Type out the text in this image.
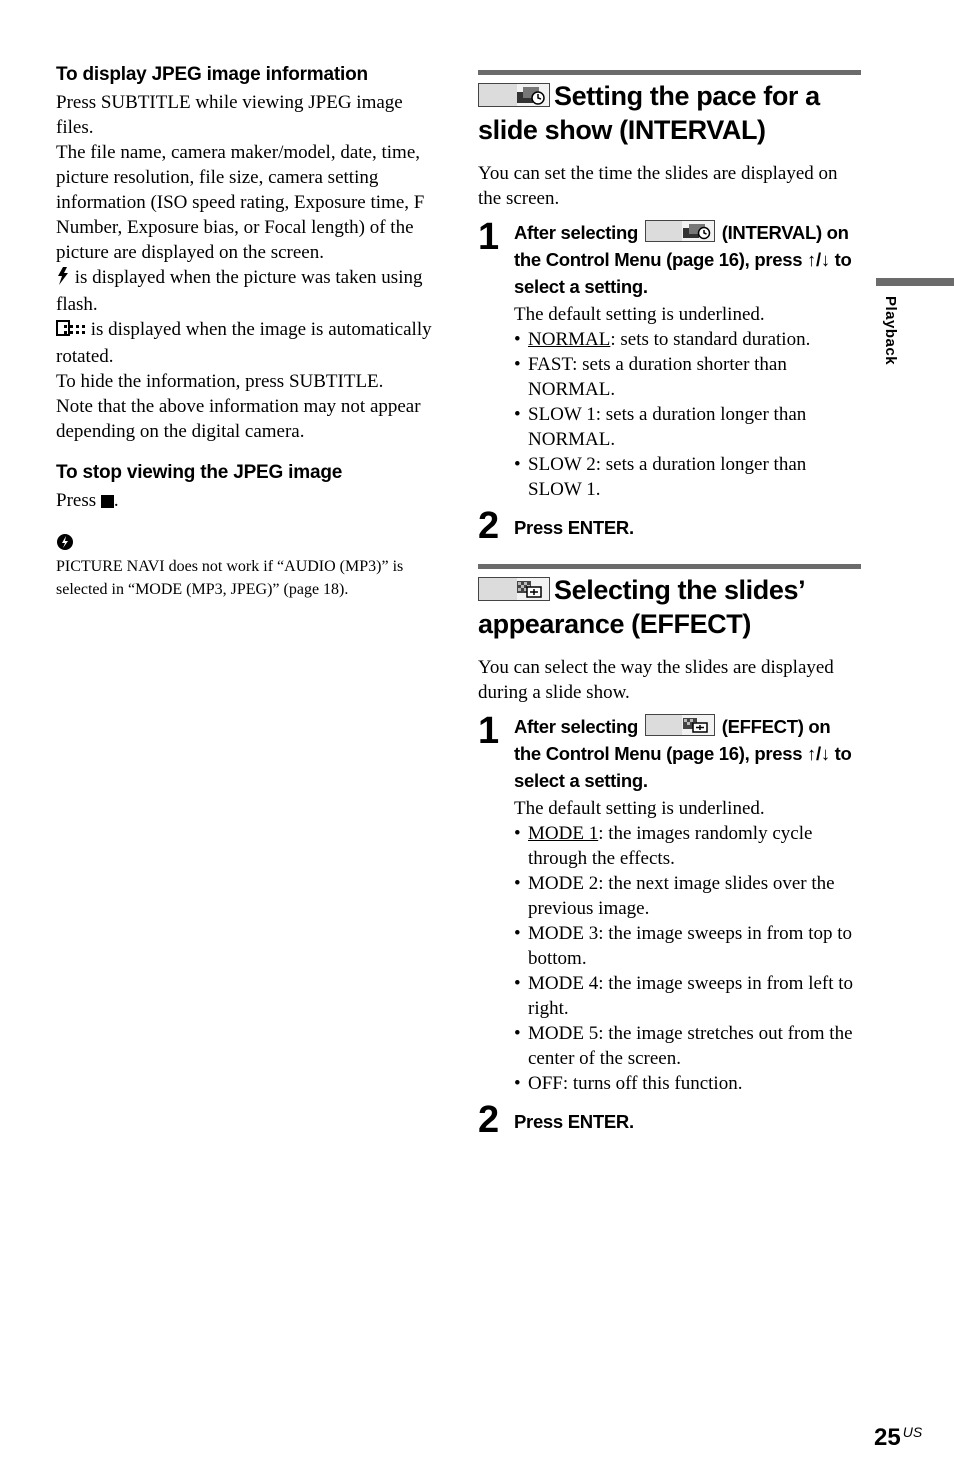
To display JPEG image information

Press SUBTITLE while viewing JPEG image files.

The file name, camera maker/model, date, time, picture resolution, file size, camera setting information (ISO speed rating, Exposure time, F Number, Exposure bias, or Focal length) of the picture are displayed on the screen.

is displayed when the picture was taken using flash.

is displayed when the image is automatically rotated.

To hide the information, press SUBTITLE.

Note that the above information may not appear depending on the digital camera.

To stop viewing the JPEG image

Press .

PICTURE NAVI does not work if “AUDIO (MP3)” is selected in “MODE (MP3, JPEG)” (page 18).

Setting the pace for a slide show (INTERVAL)

You can set the time the slides are displayed on the screen.

1 After selecting	(INTERVAL) on the Control Menu (page 16), press ↑/↓ to select a setting.

The default setting is underlined.

• NORMAL: sets to standard duration.
• FAST: sets a duration shorter than NORMAL.
• SLOW 1: sets a duration longer than NORMAL.
• SLOW 2: sets a duration longer than SLOW 1.
2 Press ENTER.

Selecting the slides’ appearance (EFFECT)

You can select the way the slides are displayed during a slide show.

1 After selecting	(EFFECT) on the Control Menu (page 16), press ↑/↓ to select a setting.

The default setting is underlined.

• MODE 1: the images randomly cycle through the effects.
• MODE 2: the next image slides over the previous image.
• MODE 3: the image sweeps in from top to bottom.
• MODE 4: the image sweeps in from left to right.
• MODE 5: the image stretches out from the center of the screen.
• OFF: turns off this function.
2 Press ENTER.

Playback
25 $^{US}$
